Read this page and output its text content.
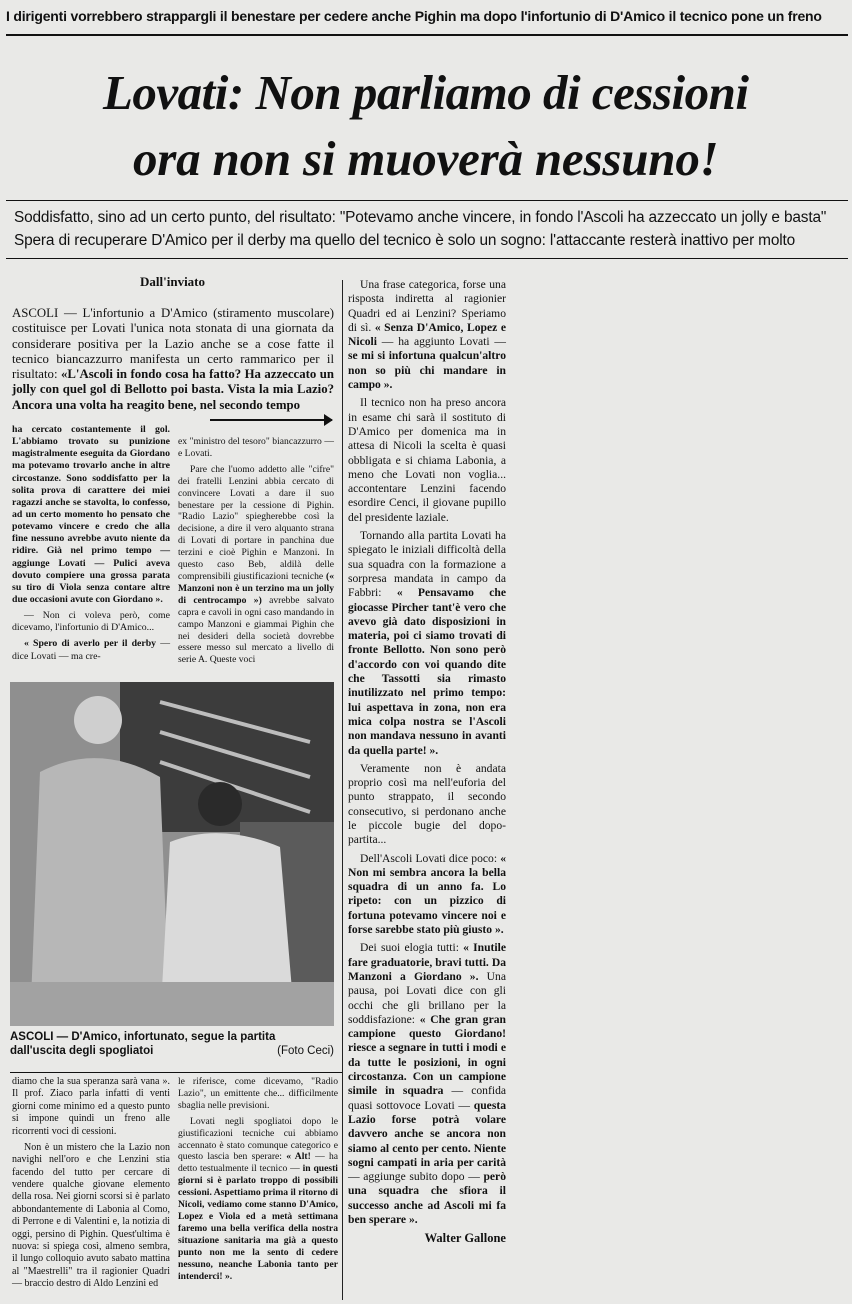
I dirigenti vorrebbero strappargli il benestare per cedere anche Pighin ma dopo l'infortunio di D'Amico il tecnico pone un freno
Lovati: Non parliamo di cessioni
ora non si muoverà nessuno!
Soddisfatto, sino ad un certo punto, del risultato: "Potevamo anche vincere, in fondo l'Ascoli ha azzeccato un jolly e basta"
Spera di recuperare D'Amico per il derby ma quello del tecnico è solo un sogno: l'attaccante resterà inattivo per molto
Dall'inviato
ASCOLI — L'infortunio a D'Amico (stiramento muscolare) costituisce per Lovati l'unica nota stonata di una giornata da considerare positiva per la Lazio anche se a cose fatte il tecnico biancazzurro manifesta un certo rammarico per il risultato: «L'Ascoli in fondo cosa ha fatto? Ha azzeccato un jolly con quel gol di Bellotto poi basta. Vista la mia Lazio? Ancora una volta ha reagito bene, nel secondo tempo

ha cercato costantemente il gol. L'abbiamo trovato su punizione magistralmente eseguita da Giordano ma potevamo trovarlo anche in altre circostanze. Sono soddisfatto per la solita prova di carattere dei miei ragazzi anche se stavolta, lo confesso, ad un certo momento ho pensato che potevamo vincere e credo che alla fine nessuno avrebbe avuto niente da ridire. Già nel primo tempo — aggiunge Lovati — Pulici aveva dovuto compiere una grossa parata su tiro di Viola senza contare altre due occasioni avute con Giordano ».

— Non ci voleva però, come dicevamo, l'infortunio di D'Amico...

« Spero di averlo per il derby — dice Lovati — ma cre-

ex "ministro del tesoro" biancazzurro — e Lovati.

Pare che l'uomo addetto alle "cifre" dei fratelli Lenzini abbia cercato di convincere Lovati a dare il suo benestare per la cessione di Pighin. "Radio Lazio" spiegherebbe così la decisione, a dire il vero alquanto strana di Lovati di portare in panchina due terzini e cioè Pighin e Manzoni. In questo caso Beb, aldilà delle comprensibili giustificazioni tecniche (« Manzoni non è un terzino ma un jolly di centrocampo ») avrebbe salvato capra e cavoli in ogni caso mandando in campo Manzoni e giammai Pighin che nei desideri della società dovrebbe essere messo sul mercato a livello di serie A. Queste voci

ASCOLI — D'Amico, infortunato, segue la partita dall'uscita degli spogliatoi	(Foto Ceci)

diamo che la sua speranza sarà vana ». Il prof. Ziaco parla infatti di venti giorni come minimo ed a questo punto si impone quindi un freno alle ricorrenti voci di cessioni.

Non è un mistero che la Lazio non navighi nell'oro e che Lenzini stia facendo del tutto per cercare di vendere qualche giovane elemento della rosa. Nei giorni scorsi si è parlato abbondantemente di Labonia al Como, di Perrone e di Valentini e, la notizia di oggi, persino di Pighin. Quest'ultima è nuova: si spiega così, almeno sembra, il lungo colloquio avuto sabato mattina al "Maestrelli" tra il ragionier Quadri — braccio destro di Aldo Lenzini ed

le riferisce, come dicevamo, "Radio Lazio", un emittente che... difficilmente sbaglia nelle previsioni.

Lovati negli spogliatoi dopo le giustificazioni tecniche cui abbiamo accennato è stato comunque categorico e questo lascia ben sperare: « Alt! — ha detto testualmente il tecnico — in questi giorni si è parlato troppo di possibili cessioni. Aspettiamo prima il ritorno di Nicoli, vediamo come stanno D'Amico, Lopez e Viola ed a metà settimana faremo una bella verifica della nostra situazione sanitaria ma già a questo punto non me la sento di cedere nessuno, neanche Labonia tanto per intenderci! ».

Una frase categorica, forse una risposta indiretta al ragionier Quadri ed ai Lenzini? Speriamo di sì. « Senza D'Amico, Lopez e Nicoli — ha aggiunto Lovati — se mi si infortuna qualcun'altro non so più chi mandare in campo ».

Il tecnico non ha preso ancora in esame chi sarà il sostituto di D'Amico per domenica ma in attesa di Nicoli la scelta è quasi obbligata e si chiama Labonia, a meno che Lovati non voglia... accontentare Lenzini facendo esordire Cenci, il giovane pupillo del presidente laziale.

Tornando alla partita Lovati ha spiegato le iniziali difficoltà della sua squadra con la formazione a sorpresa mandata in campo da Fabbri: « Pensavamo che giocasse Pircher tant'è vero che avevo già dato disposizioni in materia, poi ci siamo trovati di fronte Bellotto. Non sono però d'accordo con voi quando dite che Tassotti sia rimasto inutilizzato nel primo tempo: lui aspettava in zona, non era mica colpa nostra se l'Ascoli non mandava nessuno in avanti da quella parte! ».

Veramente non è andata proprio così ma nell'euforia del punto strappato, il secondo consecutivo, si perdonano anche le piccole bugie del dopo-partita...

Dell'Ascoli Lovati dice poco: « Non mi sembra ancora la bella squadra di un anno fa. Lo ripeto: con un pizzico di fortuna potevamo vincere noi e forse sarebbe stato più giusto ».

Dei suoi elogia tutti: « Inutile fare graduatorie, bravi tutti. Da Manzoni a Giordano ». Una pausa, poi Lovati dice con gli occhi che gli brillano per la soddisfazione: « Che gran gran campione questo Giordano! riesce a segnare in tutti i modi e da tutte le posizioni, in ogni circostanza. Con un campione simile in squadra — confida quasi sottovoce Lovati — questa Lazio forse potrà volare davvero anche se ancora non siamo al cento per cento. Niente sogni campati in aria per carità — aggiunge subito dopo — però una squadra che sfiora il successo anche ad Ascoli mi fa ben sperare ».

Walter Gallone
